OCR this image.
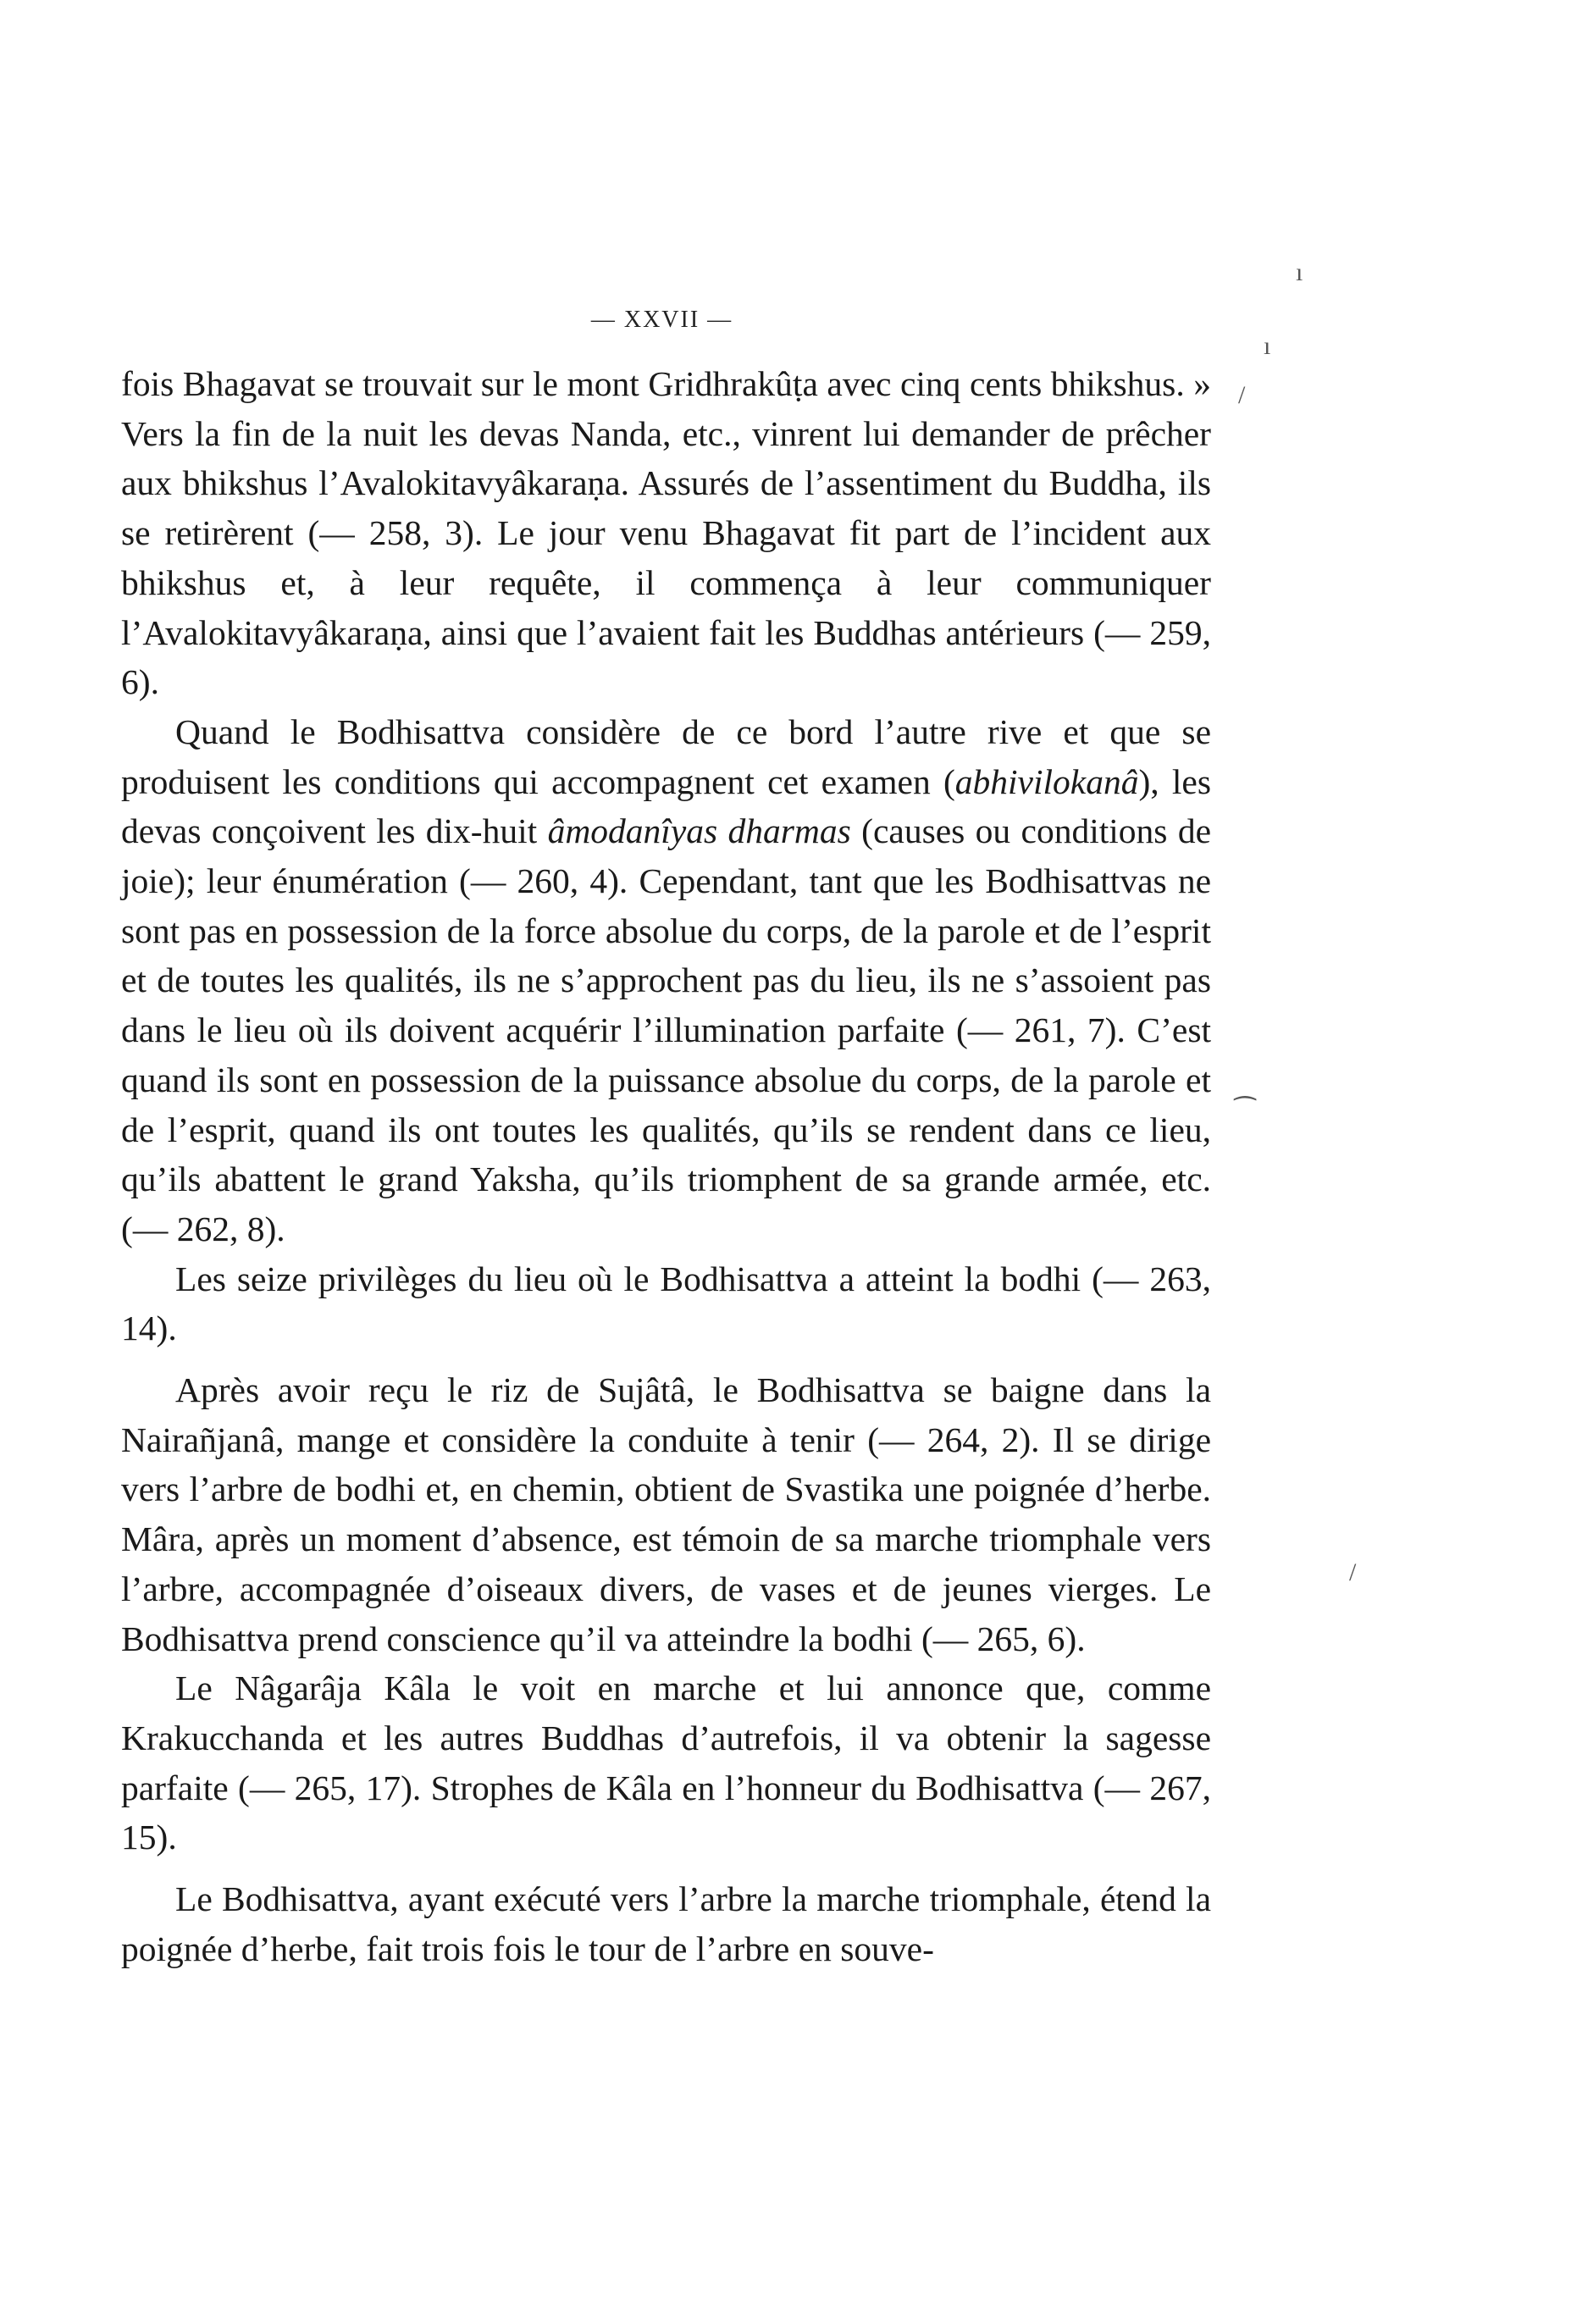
— XXVII —

fois Bhagavat se trouvait sur le mont Gridhrakûṭa avec cinq cents bhikshus. » Vers la fin de la nuit les devas Nanda, etc., vinrent lui demander de prêcher aux bhikshus l’Avalokitavyâkaraṇa. Assurés de l’assentiment du Buddha, ils se retirèrent (— 258, 3). Le jour venu Bhagavat fit part de l’incident aux bhikshus et, à leur requête, il commença à leur communiquer l’Avalokitavyâkaraṇa, ainsi que l’avaient fait les Buddhas antérieurs (— 259, 6).

Quand le Bodhisattva considère de ce bord l’autre rive et que se produisent les conditions qui accompagnent cet examen (abhivilokanâ), les devas conçoivent les dix-huit âmodanîyas dharmas (causes ou conditions de joie); leur énumération (— 260, 4). Cependant, tant que les Bodhisattvas ne sont pas en possession de la force absolue du corps, de la parole et de l’esprit et de toutes les qualités, ils ne s’approchent pas du lieu, ils ne s’assoient pas dans le lieu où ils doivent acquérir l’illumination parfaite (— 261, 7). C’est quand ils sont en possession de la puissance absolue du corps, de la parole et de l’esprit, quand ils ont toutes les qualités, qu’ils se rendent dans ce lieu, qu’ils abattent le grand Yaksha, qu’ils triomphent de sa grande armée, etc. (— 262, 8).

Les seize privilèges du lieu où le Bodhisattva a atteint la bodhi (— 263, 14).

Après avoir reçu le riz de Sujâtâ, le Bodhisattva se baigne dans la Nairañjanâ, mange et considère la conduite à tenir (— 264, 2). Il se dirige vers l’arbre de bodhi et, en chemin, obtient de Svastika une poignée d’herbe. Mâra, après un moment d’absence, est témoin de sa marche triomphale vers l’arbre, accompagnée d’oiseaux divers, de vases et de jeunes vierges. Le Bodhisattva prend conscience qu’il va atteindre la bodhi (— 265, 6).

Le Nâgarâja Kâla le voit en marche et lui annonce que, comme Krakucchanda et les autres Buddhas d’autrefois, il va obtenir la sagesse parfaite (— 265, 17). Strophes de Kâla en l’honneur du Bodhisattva (— 267, 15).

Le Bodhisattva, ayant exécuté vers l’arbre la marche triomphale, étend la poignée d’herbe, fait trois fois le tour de l’arbre en souve-

ı
ı
/
⁀
/
